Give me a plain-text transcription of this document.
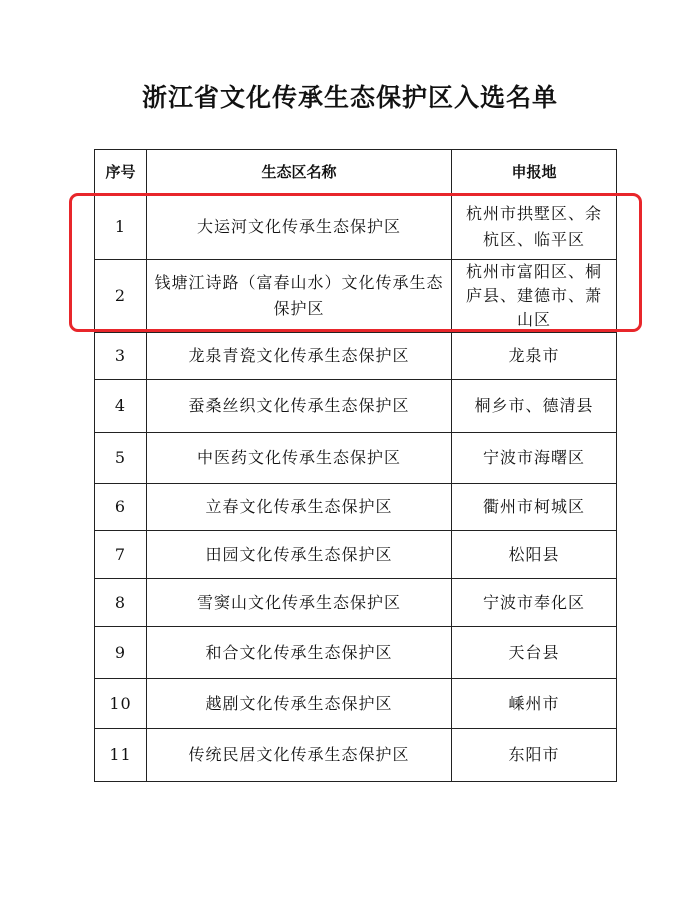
浙江省文化传承生态保护区入选名单
序号	生态区名称	申报地
1	大运河文化传承生态保护区	杭州市拱墅区、余杭区、临平区
2	钱塘江诗路（富春山水）文化传承生态保护区	杭州市富阳区、桐庐县、建德市、萧山区
3	龙泉青瓷文化传承生态保护区	龙泉市
4	蚕桑丝织文化传承生态保护区	桐乡市、德清县
5	中医药文化传承生态保护区	宁波市海曙区
6	立春文化传承生态保护区	衢州市柯城区
7	田园文化传承生态保护区	松阳县
8	雪窦山文化传承生态保护区	宁波市奉化区
9	和合文化传承生态保护区	天台县
10	越剧文化传承生态保护区	嵊州市
11	传统民居文化传承生态保护区	东阳市
